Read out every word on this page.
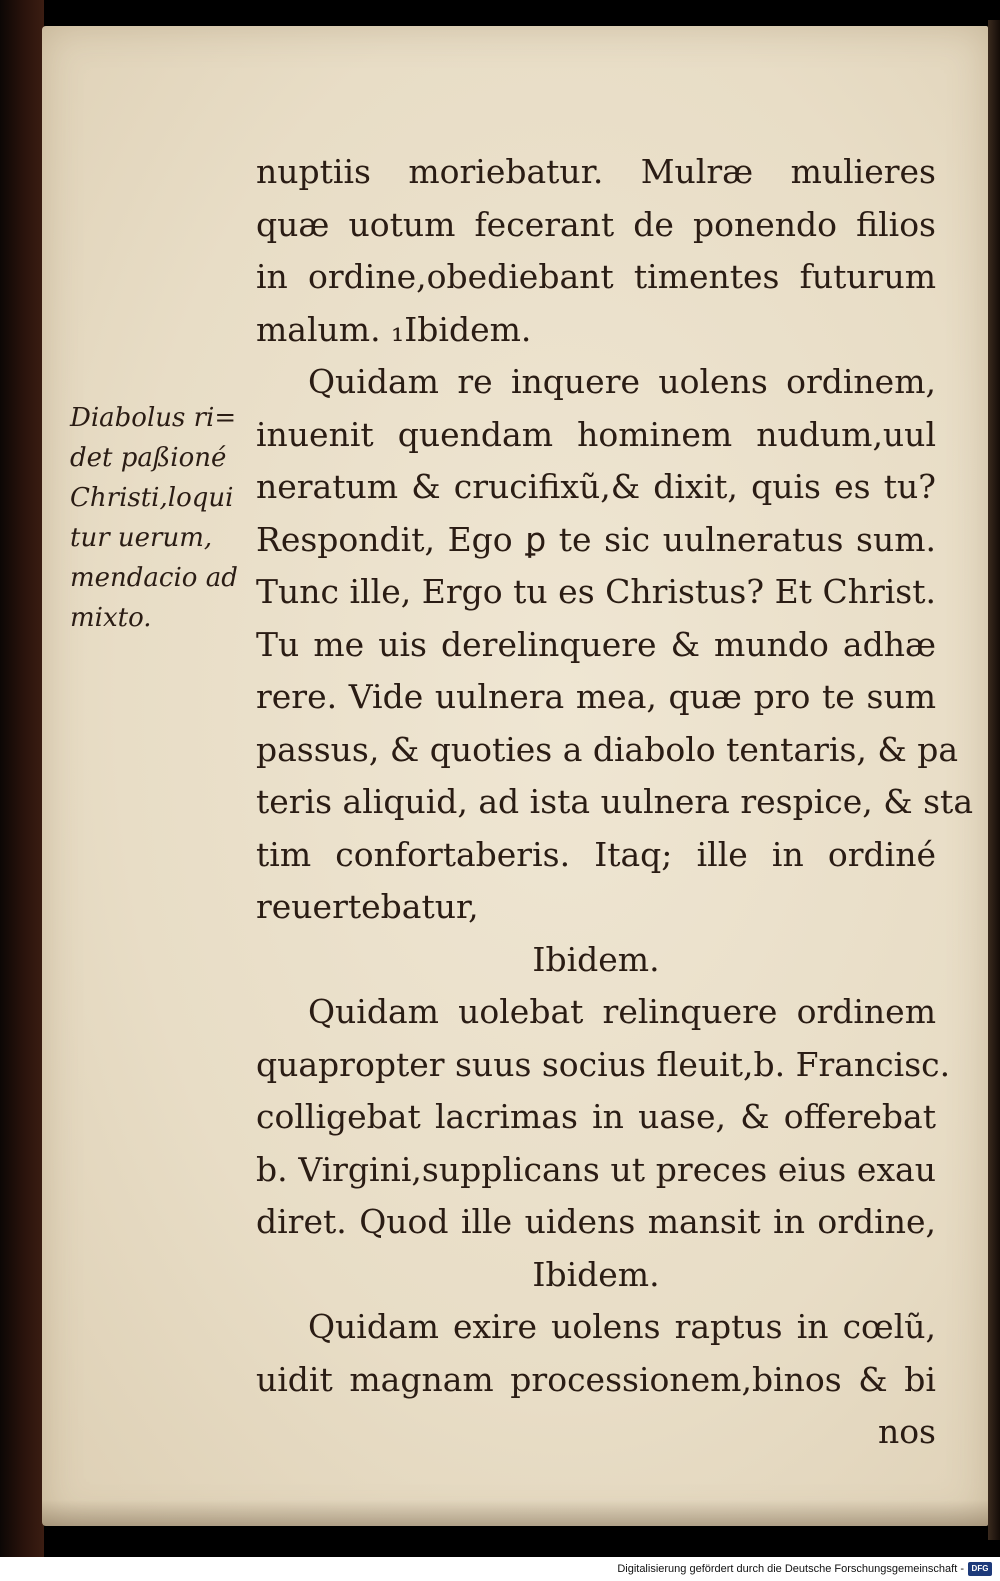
Diabolus ri=
det paßioné
Christi,loqui
tur uerum,
mendacio ad
mixto.
nuptiis moriebatur. Mulræ mulieres
quæ uotum fecerant de ponendo filios
in ordine,obediebant timentes futurum
malum. ₁Ibidem.
Quidam re inquere uolens ordinem,
inuenit quendam hominem nudum,uul
neratum & crucifixũ,& dixit, quis es tu?
Respondit, Ego ꝑ te sic uulneratus sum.
Tunc ille, Ergo tu es Christus? Et Christ.
Tu me uis derelinquere & mundo adhæ
rere. Vide uulnera mea, quæ pro te sum
passus, & quoties a diabolo tentaris, & pa
teris aliquid, ad ista uulnera respice, & sta
tim confortaberis. Itaq; ille in ordiné
reuertebatur,
Ibidem.
Quidam uolebat relinquere ordinem
quapropter suus socius fleuit,b. Francisc.
colligebat lacrimas in uase, & offerebat
b. Virgini,supplicans ut preces eius exau
diret. Quod ille uidens mansit in ordine,
Ibidem.
Quidam exire uolens raptus in cœlũ,
uidit magnam processionem,binos & bi
nos
Digitalisierung gefördert durch die Deutsche Forschungsgemeinschaft - DFG
